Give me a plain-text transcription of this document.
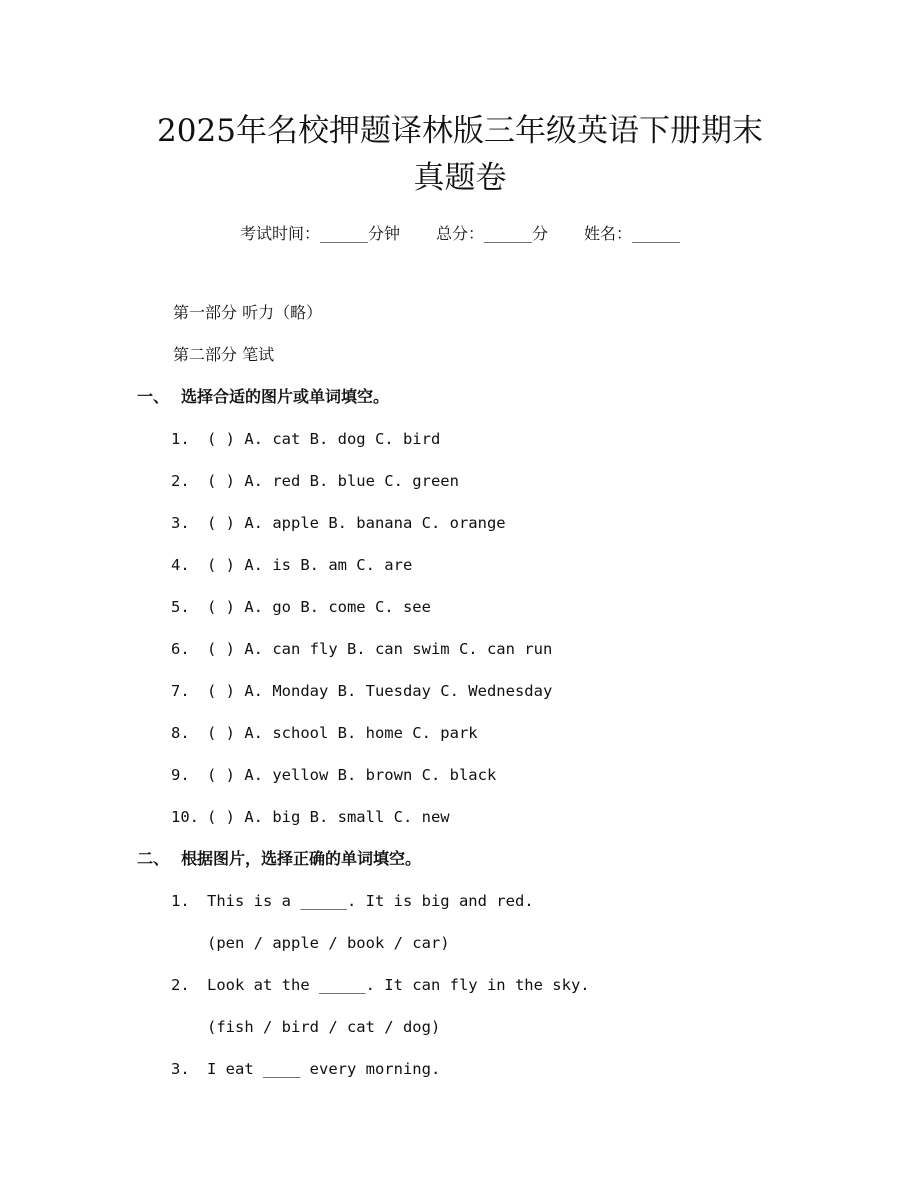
2025年名校押题译林版三年级英语下册期末
真题卷
考试时间：______分钟 总分：______分 姓名：______
第一部分 听力（略）
第二部分 笔试
一、 选择合适的图片或单词填空。
1. ( ) A. cat B. dog C. bird
2. ( ) A. red B. blue C. green
3. ( ) A. apple B. banana C. orange
4. ( ) A. is B. am C. are
5. ( ) A. go B. come C. see
6. ( ) A. can fly B. can swim C. can run
7. ( ) A. Monday B. Tuesday C. Wednesday
8. ( ) A. school B. home C. park
9. ( ) A. yellow B. brown C. black
10. ( ) A. big B. small C. new
二、 根据图片，选择正确的单词填空。
1. This is a _____. It is big and red.
(pen / apple / book / car)
2. Look at the _____. It can fly in the sky.
(fish / bird / cat / dog)
3. I eat ____ every morning.
